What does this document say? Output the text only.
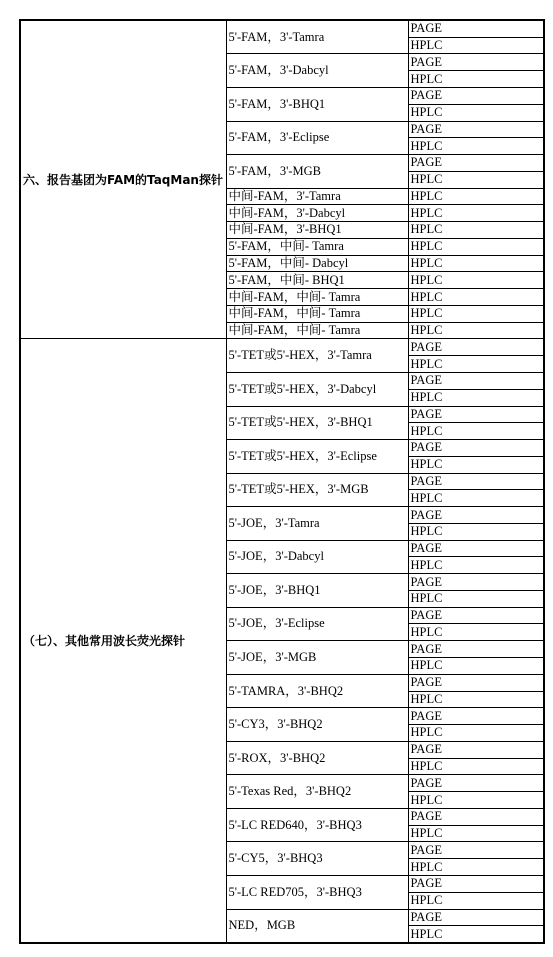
六、报告基团为FAM的TaqMan探针	5'-FAM，3'-Tamra	PAGE
		HPLC
	5'-FAM，3'-Dabcyl	PAGE
		HPLC
	5'-FAM，3'-BHQ1	PAGE
		HPLC
	5'-FAM，3'-Eclipse	PAGE
		HPLC
	5'-FAM，3'-MGB	PAGE
		HPLC
	中间-FAM，3'-Tamra	HPLC
	中间-FAM，3'-Dabcyl	HPLC
	中间-FAM，3'-BHQ1	HPLC
	5'-FAM，中间- Tamra	HPLC
	5'-FAM，中间- Dabcyl	HPLC
	5'-FAM，中间- BHQ1	HPLC
	中间-FAM，中间- Tamra	HPLC
	中间-FAM，中间- Tamra	HPLC
	中间-FAM，中间- Tamra	HPLC
（七）、其他常用波长荧光探针	5'-TET或5'-HEX，3'-Tamra	PAGE
		HPLC
	5'-TET或5'-HEX，3'-Dabcyl	PAGE
		HPLC
	5'-TET或5'-HEX，3'-BHQ1	PAGE
		HPLC
	5'-TET或5'-HEX，3'-Eclipse	PAGE
		HPLC
	5'-TET或5'-HEX，3'-MGB	PAGE
		HPLC
	5'-JOE，3'-Tamra	PAGE
		HPLC
	5'-JOE，3'-Dabcyl	PAGE
		HPLC
	5'-JOE，3'-BHQ1	PAGE
		HPLC
	5'-JOE，3'-Eclipse	PAGE
		HPLC
	5'-JOE，3'-MGB	PAGE
		HPLC
	5'-TAMRA，3'-BHQ2	PAGE
		HPLC
	5'-CY3，3'-BHQ2	PAGE
		HPLC
	5'-ROX，3'-BHQ2	PAGE
		HPLC
	5'-Texas Red，3'-BHQ2	PAGE
		HPLC
	5'-LC RED640，3'-BHQ3	PAGE
		HPLC
	5'-CY5，3'-BHQ3	PAGE
		HPLC
	5'-LC RED705，3'-BHQ3	PAGE
		HPLC
	NED，MGB	PAGE
		HPLC
